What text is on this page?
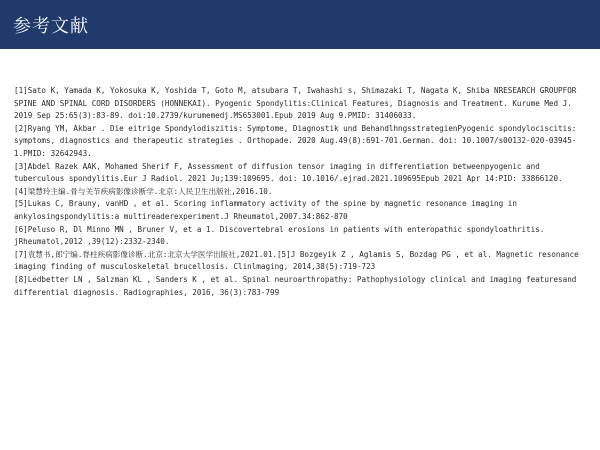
参考文献

[1]Sato K, Yamada K, Yokosuka K, Yoshida T, Goto M, atsubara T, Iwahashi s, Shimazaki T, Nagata K, Shiba NRESEARCH GROUPFOR SPINE AND SPINAL CORD DISORDERS (HONNEKAI). Pyogenic Spondylitis:Clinical Features, Diagnosis and Treatment. Kurume Med J. 2019 Sep 25:65(3):83-89. doi:10.2739/kurumemedj.MS653001.Epub 2019 Aug 9.PMID: 31406033.

[2]Ryang YM, Akbar . Die eitrige Spondylodiszitis: Symptome, Diagnostik und BehandlhngsstrategienPyogenic spondylociscitis: symptoms, diagnostics and therapeutic strategies . Orthopade. 2020 Aug.49(8):691-701.German. doi: 10.1007/s00132-020-03945-1.PMID: 32642943.

[3]Abdel Razek AAK, Mohamed Sherif F, Assessment of diffusion tensor imaging in differentiation betweenpyogenic and tuberculous spondylitis.Eur J Radiol. 2021 Ju;139:109695. doi: 10.1016/.ejrad.2021.109695Epub 2021 Apr 14:PID: 33866120.

[4]梁慧玲主编.骨与关节疾病影像诊断学.北京:人民卫生出版社,2016.10.

[5]Lukas C, Brauny, vanHD , et al. Scoring inflammatory activity of the spine by magnetic resonance imaging in ankylosingspondylitis:a multireaderexperiment.J Rheumatol,2007.34:862-870

[6]Peluso R, Dl Minno MN , Bruner V, et a 1. Discovertebral erosions in patients with enteropathic spondyloathritis. jRheumatol,2012 ,39(12):2332-2340.

[7]袁慧书,郎宁编.脊柱疾病影像诊断.北京:北京大学医学出版社,2021.01.[5]J Bozgeyik Z , Aglamis S, Bozdag PG , et al. Magnetic resonance imaging finding of musculoskeletal brucellosis. Clinlmaging, 2014,38(5):719-723

[8]Ledbetter LN , Salzman KL , Sanders K , et al. Spinal neuroarthropathy: Pathophysiology clinical and imaging featuresand differential diagnosis. Radiographies, 2016, 36(3):783-799
